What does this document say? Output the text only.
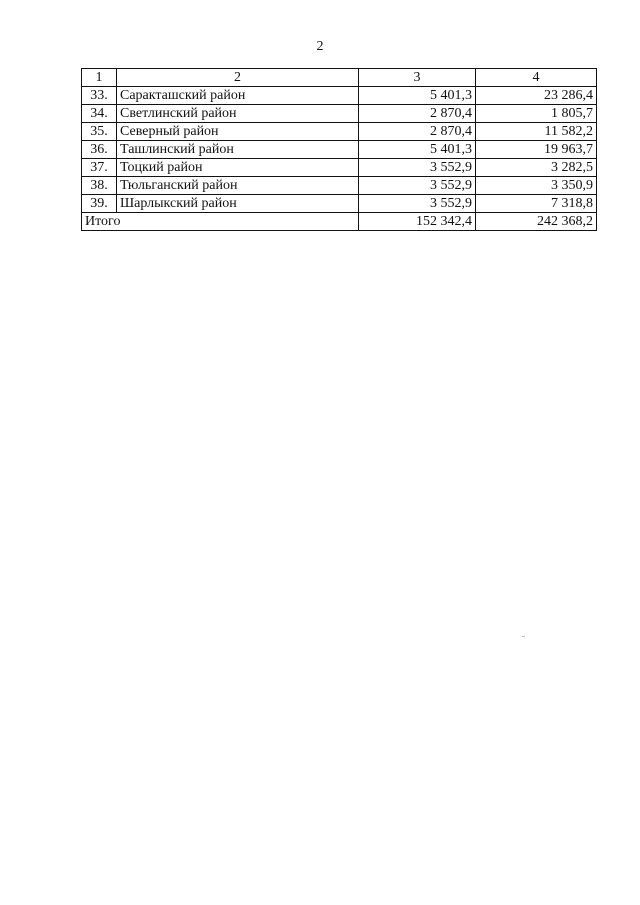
2
1	2	3	4
33.	Саракташский район	5 401,3	23 286,4
34.	Светлинский район	2 870,4	1 805,7
35.	Северный район	2 870,4	11 582,2
36.	Ташлинский район	5 401,3	19 963,7
37.	Тоцкий район	3 552,9	3 282,5
38.	Тюльганский район	3 552,9	3 350,9
39.	Шарлыкский район	3 552,9	7 318,8
Итого		152 342,4	242 368,2
